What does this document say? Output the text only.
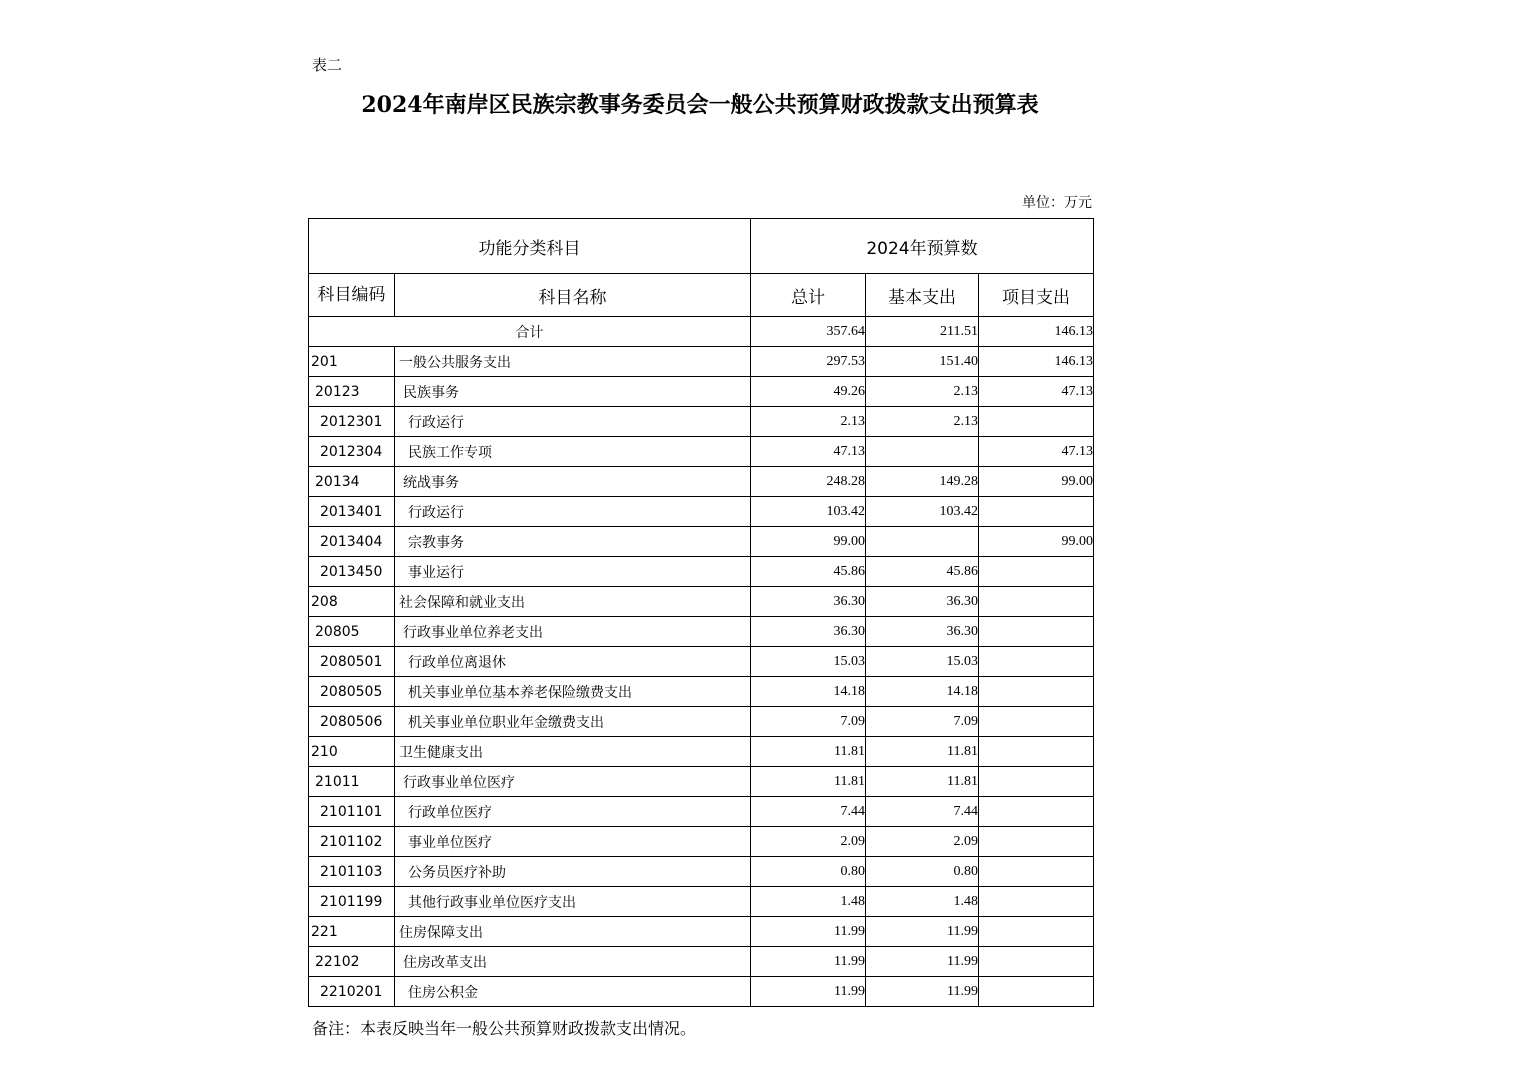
表二
2024年南岸区民族宗教事务委员会一般公共预算财政拨款支出预算表
单位：万元
功能分类科目		2024年预算数		
科目编码	科目名称	总计	基本支出	项目支出
合计		357.64	211.51	146.13
201	一般公共服务支出	297.53	151.40	146.13
20123	民族事务	49.26	2.13	47.13
2012301	行政运行	2.13	2.13	
2012304	民族工作专项	47.13		47.13
20134	统战事务	248.28	149.28	99.00
2013401	行政运行	103.42	103.42	
2013404	宗教事务	99.00		99.00
2013450	事业运行	45.86	45.86	
208	社会保障和就业支出	36.30	36.30	
20805	行政事业单位养老支出	36.30	36.30	
2080501	行政单位离退休	15.03	15.03	
2080505	机关事业单位基本养老保险缴费支出	14.18	14.18	
2080506	机关事业单位职业年金缴费支出	7.09	7.09	
210	卫生健康支出	11.81	11.81	
21011	行政事业单位医疗	11.81	11.81	
2101101	行政单位医疗	7.44	7.44	
2101102	事业单位医疗	2.09	2.09	
2101103	公务员医疗补助	0.80	0.80	
2101199	其他行政事业单位医疗支出	1.48	1.48	
221	住房保障支出	11.99	11.99	
22102	住房改革支出	11.99	11.99	
2210201	住房公积金	11.99	11.99	
备注：本表反映当年一般公共预算财政拨款支出情况。
